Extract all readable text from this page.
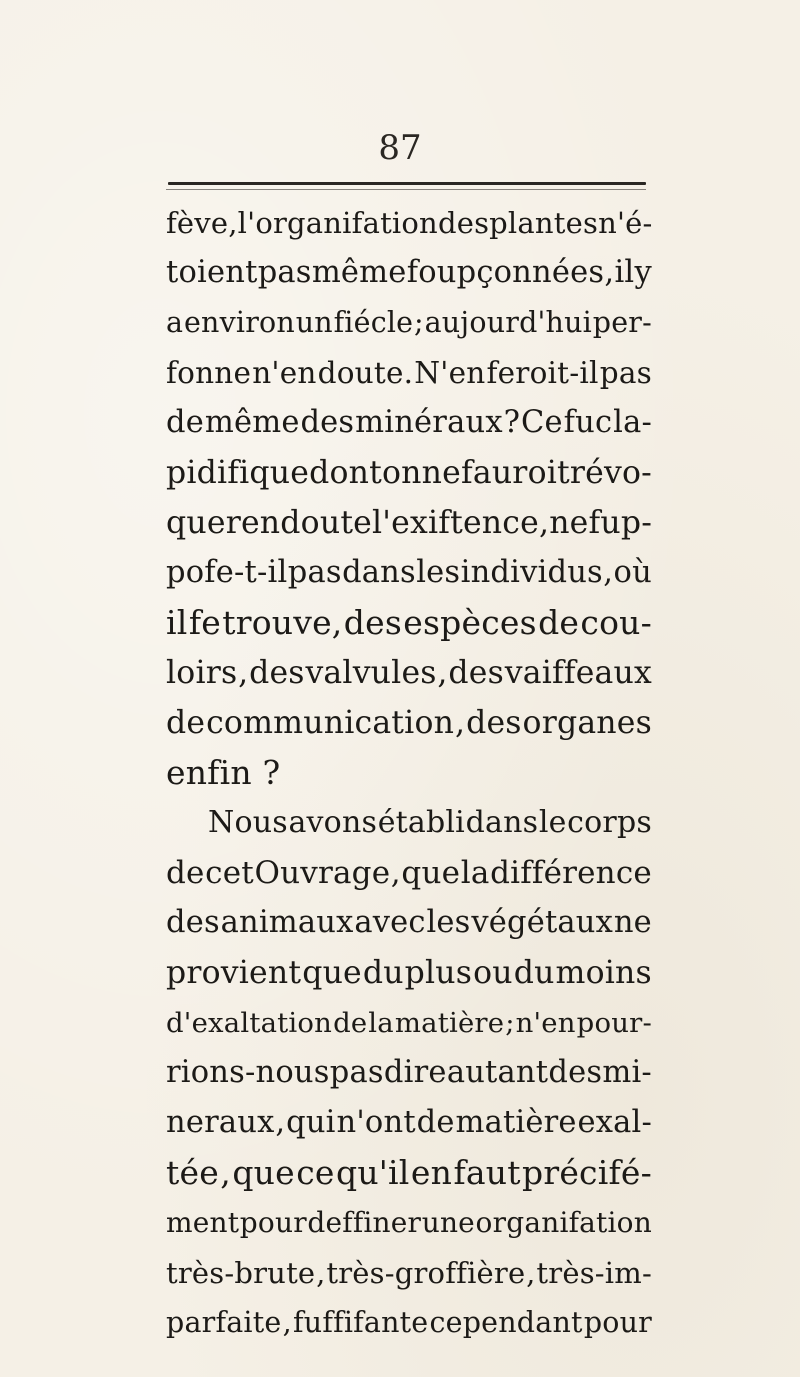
87
fève , l'organifation des plantes n'é-
toient pas même foupçonnées , il y
a environ un fiécle ; aujourd'hui per-
fonne n'en doute. N'en feroit-il pas
de même des minéraux ? Ce fuc la-
pidifique dont on ne fauroit révo-
quer en doute l'exiftence , ne fup-
pofe-t-il pas dans les individus , où
il fe trouve, des espèces de cou-
loirs , des valvules , des vaiffeaux
de communication , des organes
enfin ?
Nous avons établi dans le corps
de cet Ouvrage , que la différence
des animaux avec les végétaux ne
provient que du plus ou du moins
d'exaltation de la matière ; n'en pour-
rions-nous pas dire autant des mi-
neraux , qui n'ont de matière exal-
tée , que ce qu'il en faut précifé-
ment pour deffiner une organifation
très-brute , très-groffière , très-im-
parfaite , fuffifante cependant pour
